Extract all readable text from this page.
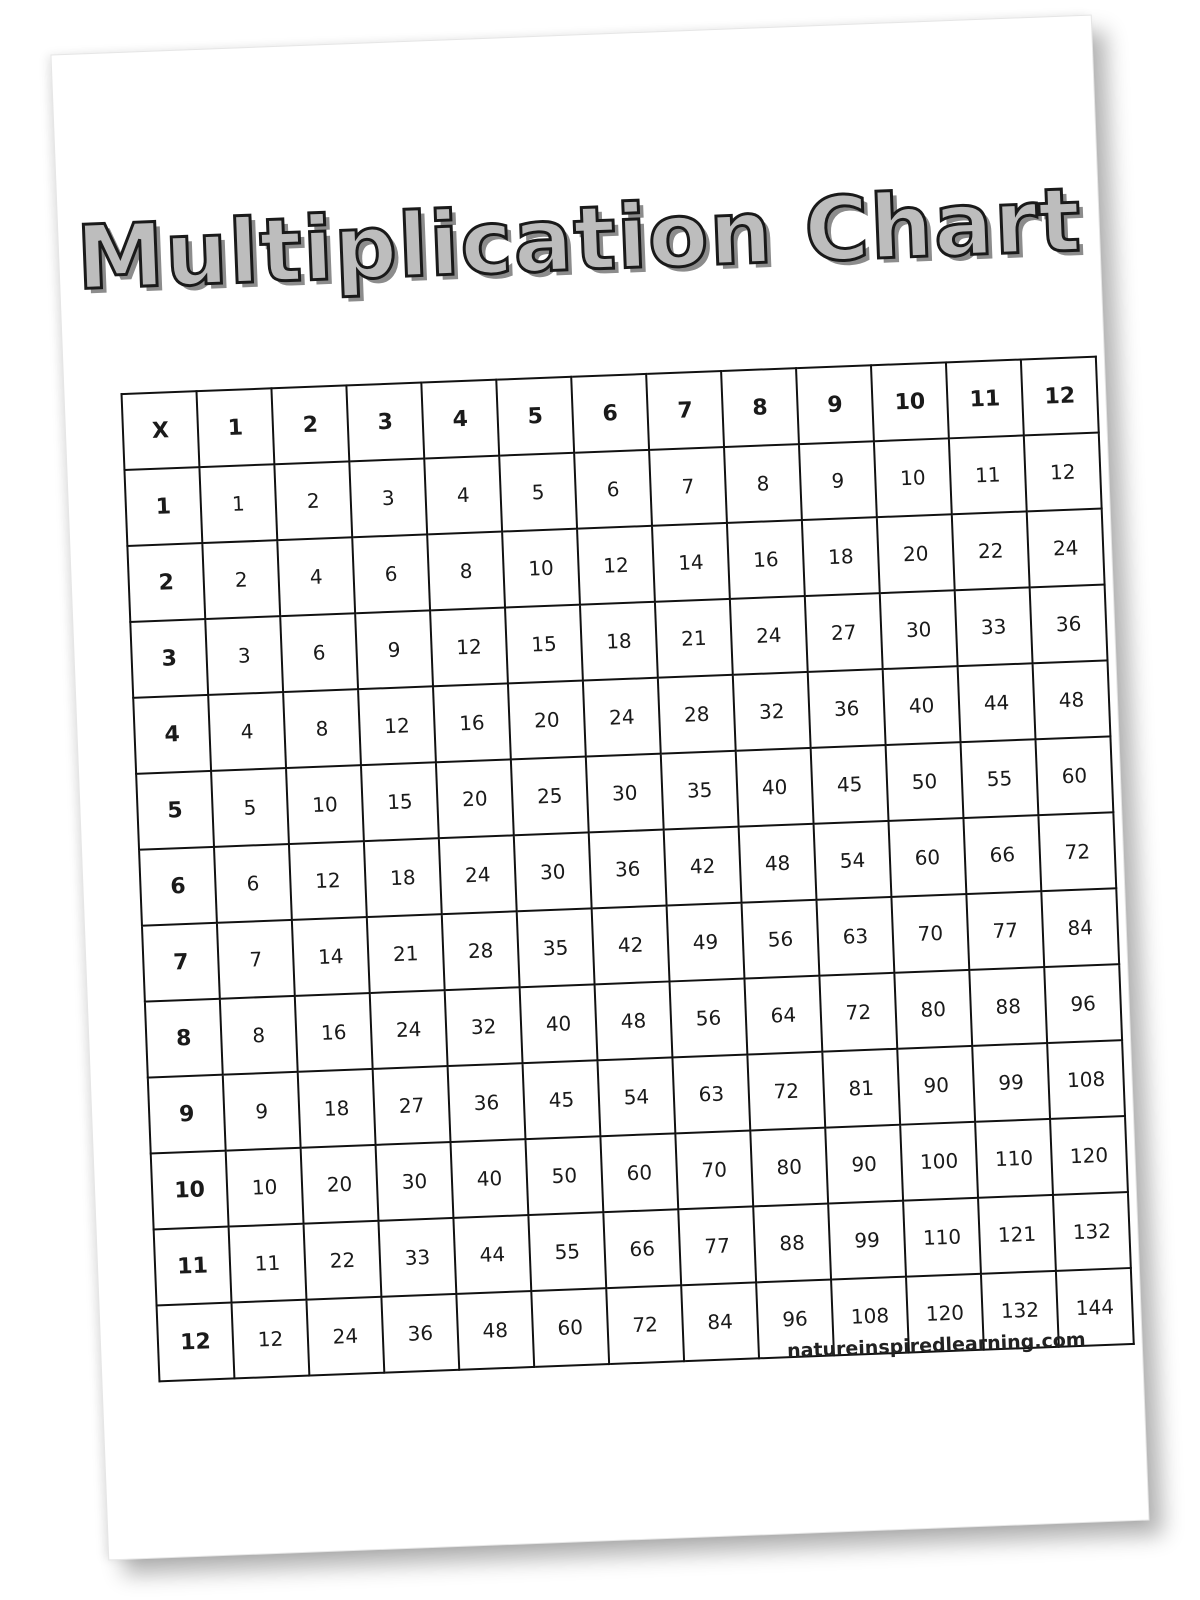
Multiplication Chart
X	1	2	3	4	5	6	7	8	9	10	11	12
1	1	2	3	4	5	6	7	8	9	10	11	12
2	2	4	6	8	10	12	14	16	18	20	22	24
3	3	6	9	12	15	18	21	24	27	30	33	36
4	4	8	12	16	20	24	28	32	36	40	44	48
5	5	10	15	20	25	30	35	40	45	50	55	60
6	6	12	18	24	30	36	42	48	54	60	66	72
7	7	14	21	28	35	42	49	56	63	70	77	84
8	8	16	24	32	40	48	56	64	72	80	88	96
9	9	18	27	36	45	54	63	72	81	90	99	108
10	10	20	30	40	50	60	70	80	90	100	110	120
11	11	22	33	44	55	66	77	88	99	110	121	132
12	12	24	36	48	60	72	84	96	108	120	132	144
natureinspiredlearning.com
